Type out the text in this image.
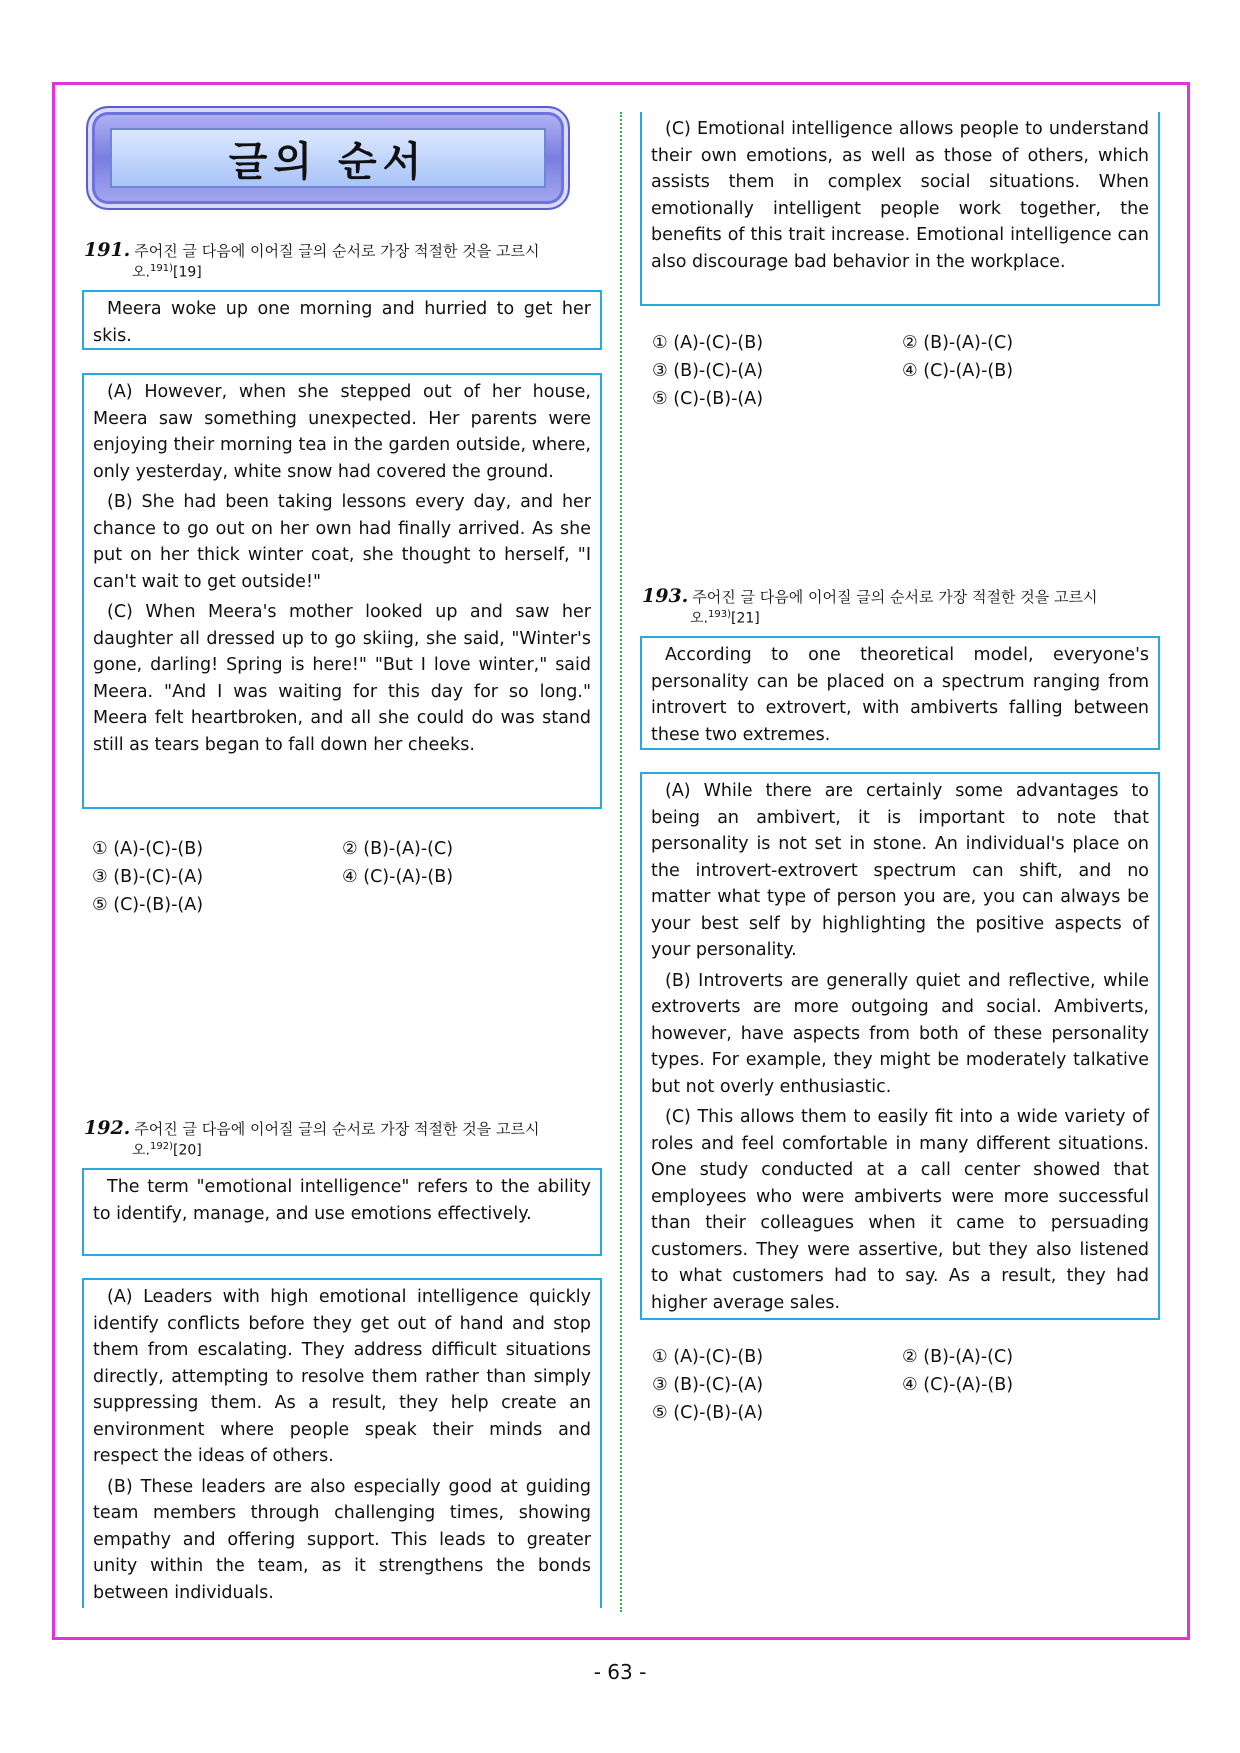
글의 순서
191. 주어진 글 다음에 이어질 글의 순서로 가장 적절한 것을 고르시
오.$^{191)}$[19]

Meera woke up one morning and hurried to get her skis.

(A) However, when she stepped out of her house, Meera saw something unexpected. Her parents were enjoying their morning tea in the garden outside, where, only yesterday, white snow had covered the ground.

(B) She had been taking lessons every day, and her chance to go out on her own had finally arrived. As she put on her thick winter coat, she thought to herself, "I can't wait to get outside!"

(C) When Meera's mother looked up and saw her daughter all dressed up to go skiing, she said, "Winter's gone, darling! Spring is here!" "But I love winter," said Meera. "And I was waiting for this day for so long." Meera felt heartbroken, and all she could do was stand still as tears began to fall down her cheeks.

① (A)-(C)-(B)	② (B)-(A)-(C)
③ (B)-(C)-(A)	④ (C)-(A)-(B)
⑤ (C)-(B)-(A)
192. 주어진 글 다음에 이어질 글의 순서로 가장 적절한 것을 고르시
오.$^{192)}$[20]

The term "emotional intelligence" refers to the ability to identify, manage, and use emotions effectively.

(A) Leaders with high emotional intelligence quickly identify conflicts before they get out of hand and stop them from escalating. They address difficult situations directly, attempting to resolve them rather than simply suppressing them. As a result, they help create an environment where people speak their minds and respect the ideas of others.

(B) These leaders are also especially good at guiding team members through challenging times, showing empathy and offering support. This leads to greater unity within the team, as it strengthens the bonds between individuals.

(C) Emotional intelligence allows people to understand their own emotions, as well as those of others, which assists them in complex social situations. When emotionally intelligent people work together, the benefits of this trait increase. Emotional intelligence can also discourage bad behavior in the workplace.

① (A)-(C)-(B)	② (B)-(A)-(C)
③ (B)-(C)-(A)	④ (C)-(A)-(B)
⑤ (C)-(B)-(A)
193. 주어진 글 다음에 이어질 글의 순서로 가장 적절한 것을 고르시
오.$^{193)}$[21]

According to one theoretical model, everyone's personality can be placed on a spectrum ranging from introvert to extrovert, with ambiverts falling between these two extremes.

(A) While there are certainly some advantages to being an ambivert, it is important to note that personality is not set in stone. An individual's place on the introvert-extrovert spectrum can shift, and no matter what type of person you are, you can always be your best self by highlighting the positive aspects of your personality.

(B) Introverts are generally quiet and reflective, while extroverts are more outgoing and social. Ambiverts, however, have aspects from both of these personality types. For example, they might be moderately talkative but not overly enthusiastic.

(C) This allows them to easily fit into a wide variety of roles and feel comfortable in many different situations. One study conducted at a call center showed that employees who were ambiverts were more successful than their colleagues when it came to persuading customers. They were assertive, but they also listened to what customers had to say. As a result, they had higher average sales.

① (A)-(C)-(B)	② (B)-(A)-(C)
③ (B)-(C)-(A)	④ (C)-(A)-(B)
⑤ (C)-(B)-(A)
- 63 -
